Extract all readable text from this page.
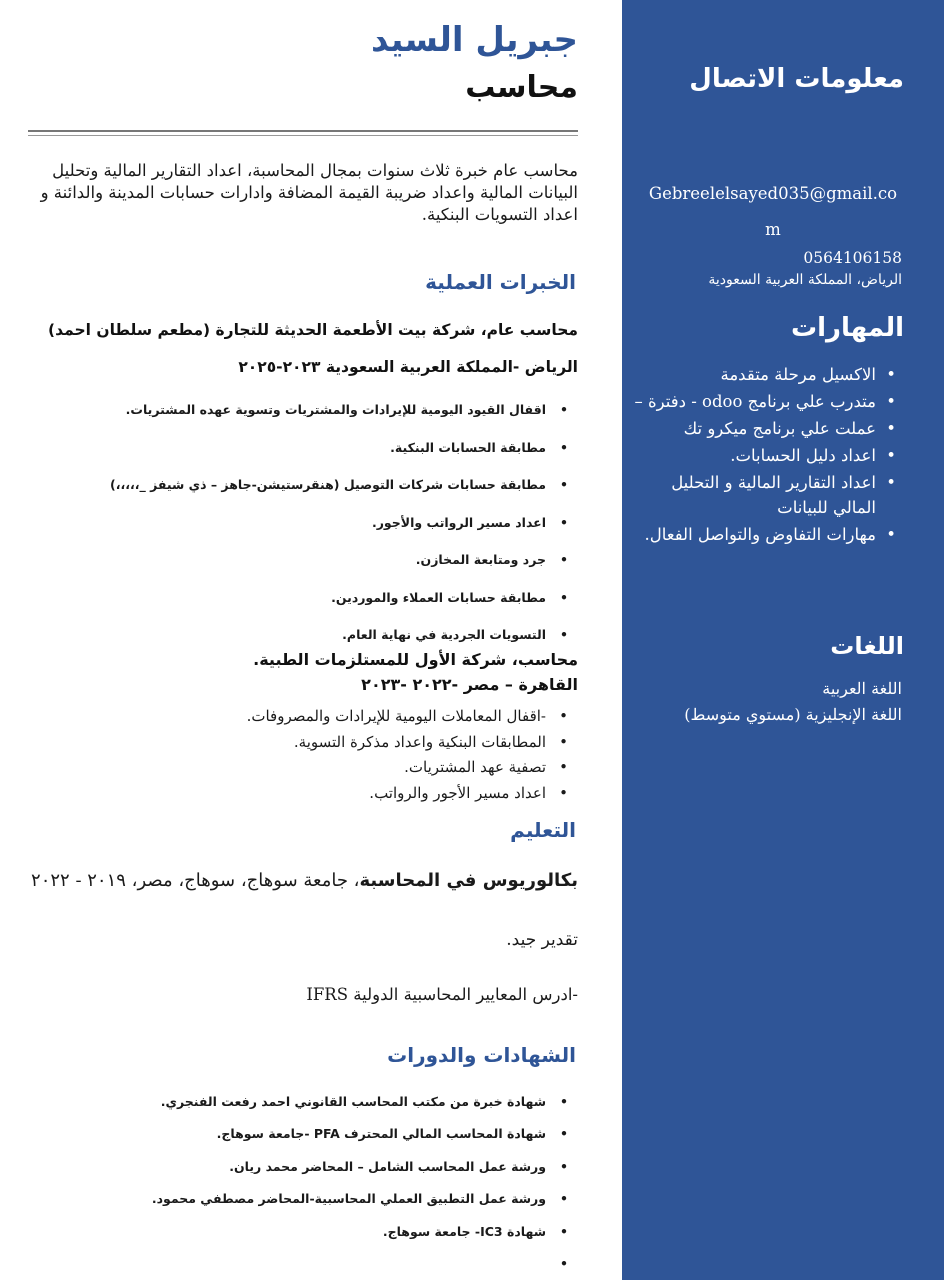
جبريل السيد
محاسب
محاسب عام خبرة ثلاث سنوات بمجال المحاسبة، اعداد التقارير المالية وتحليل البيانات المالية واعداد ضريبة القيمة المضافة وادارات حسابات المدينة والدائنة و اعداد التسويات البنكية.
الخبرات العملية
محاسب عام، شركة بيت الأطعمة الحديثة للتجارة (مطعم سلطان احمد)
الرياض -المملكة العربية السعودية ٢٠٢٣-٢٠٢٥
• اقفال القيود اليومية للإيرادات والمشتريات وتسوية عهده المشتريات.
• مطابقة الحسابات البنكية.
• مطابقة حسابات شركات التوصيل (هنقرستيشن-جاهز – ذي شيفز _،،،،،)
• اعداد مسير الرواتب والأجور.
• جرد ومتابعة المخازن.
• مطابقة حسابات العملاء والموردين.
• التسويات الجردية في نهاية العام.
محاسب، شركة الأول للمستلزمات الطبية.
القاهرة – مصر -٢٠٢٢ -٢٠٢٣
• -اقفال المعاملات اليومية للإيرادات والمصروفات.
• المطابقات البنكية واعداد مذكرة التسوية.
• تصفية عهد المشتريات.
• اعداد مسير الأجور والرواتب.
التعليم
بكالوريوس في المحاسبة، جامعة سوهاج، سوهاج، مصر، ٢٠١٩ - ٢٠٢٢
تقدير جيد.
-ادرس المعايير المحاسبية الدولية IFRS
الشهادات والدورات
• شهادة خبرة من مكتب المحاسب القانوني احمد رفعت الفنجري.
• شهادة المحاسب المالي المحترف PFA -جامعة سوهاج.
• ورشة عمل المحاسب الشامل – المحاضر محمد ريان.
• ورشة عمل التطبيق العملي المحاسبية-المحاضر مصطفي محمود.
• شهادة IC3- جامعة سوهاج.
•
معلومات الاتصال
Gebreelelsayed035@gmail.com
0564106158
الرياض، المملكة العربية السعودية
المهارات
• الاكسيل مرحلة متقدمة
• متدرب علي برنامج odoo - دفترة –
• عملت علي برنامج ميكرو تك
• اعداد دليل الحسابات.
• اعداد التقارير المالية و التحليل المالي للبيانات
• مهارات التفاوض والتواصل الفعال.
اللغات
اللغة العربية
اللغة الإنجليزية (مستوي متوسط)
